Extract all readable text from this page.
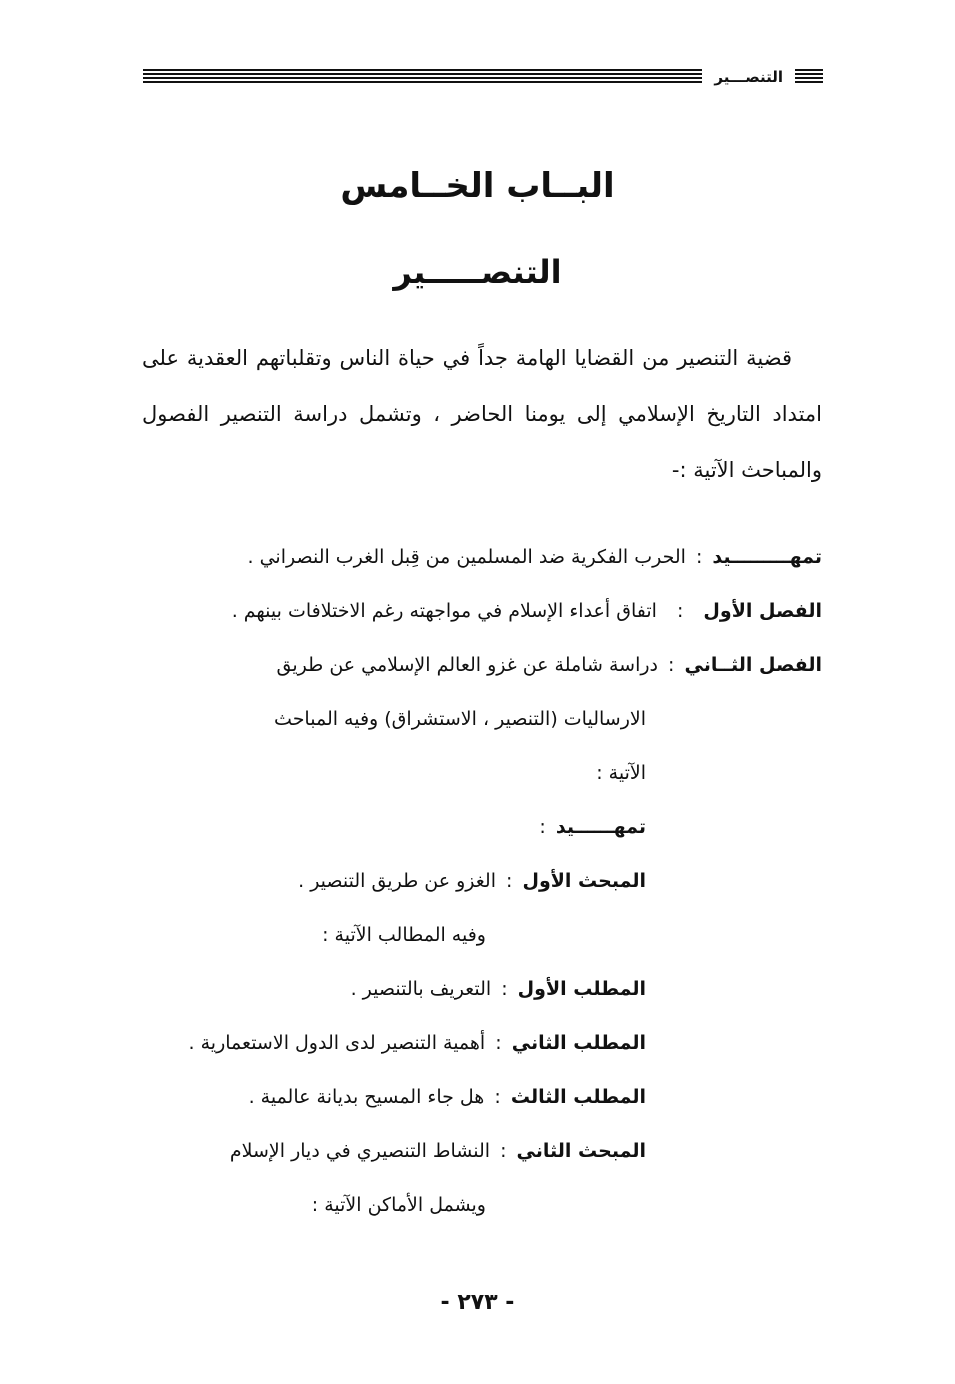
التنصـــير
البــاب الخــامس
التنصـــــير

قضية التنصير من القضايا الهامة جداً في حياة الناس وتقلباتهم العقدية على امتداد التاريخ الإسلامي إلى يومنا الحاضر ، وتشمل دراسة التنصير الفصول والمباحث الآتية :-

تمهـــــــــيد : الحرب الفكرية ضد المسلمين من قِبل الغرب النصراني .
الفصل الأول : اتفاق أعداء الإسلام في مواجهته رغم الاختلافات بينهم .
الفصل الثــاني : دراسة شاملة عن غزو العالم الإسلامي عن طريق
الارساليات (التنصير ، الاستشراق) وفيه المباحث
الآتية :
تمهــــــيد :
المبحث الأول : الغزو عن طريق التنصير .
وفيه المطالب الآتية :
المطلب الأول : التعريف بالتنصير .
المطلب الثاني : أهمية التنصير لدى الدول الاستعمارية .
المطلب الثالث : هل جاء المسيح بديانة عالمية .
المبحث الثاني : النشاط التنصيري في ديار الإسلام
ويشمل الأماكن الآتية :
- ٢٧٣ -
